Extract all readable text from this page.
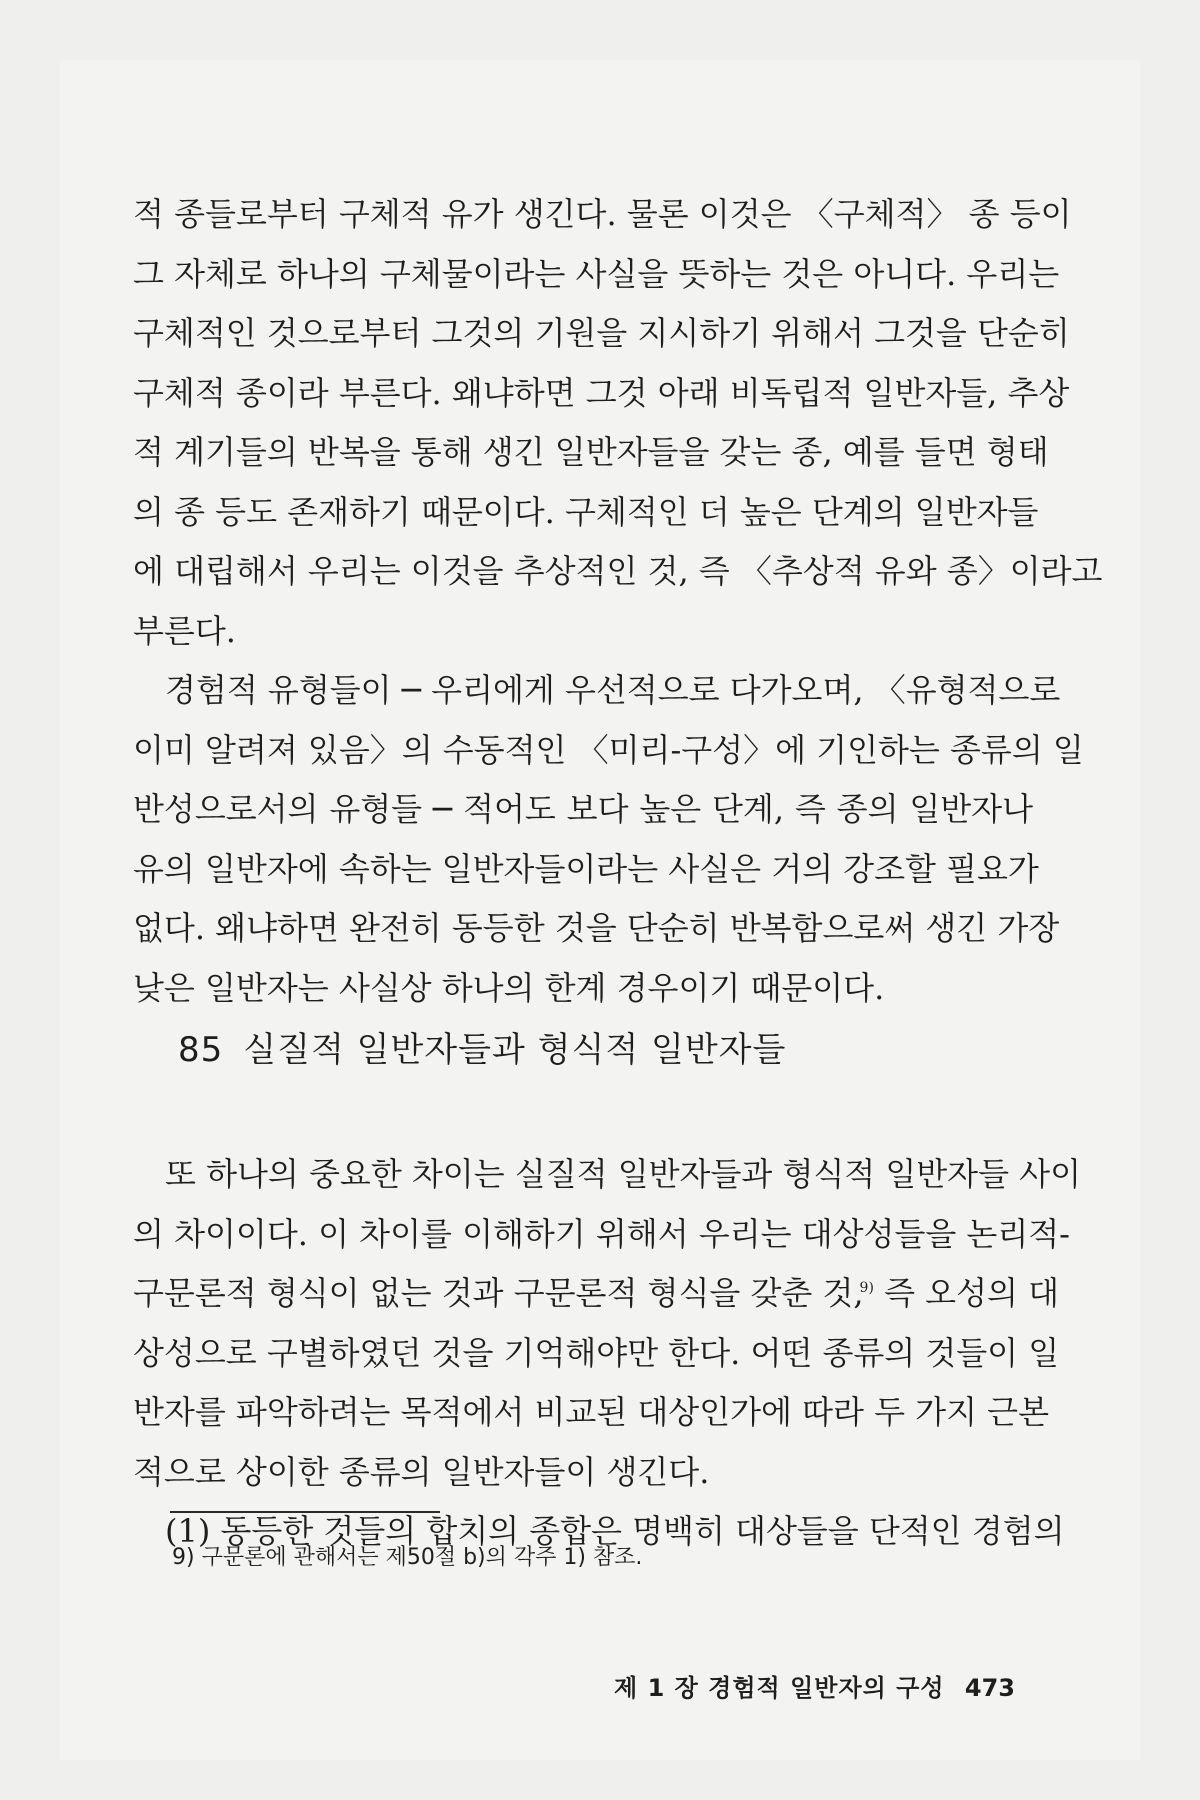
적 종들로부터 구체적 유가 생긴다. 물론 이것은 〈구체적〉 종 등이
그 자체로 하나의 구체물이라는 사실을 뜻하는 것은 아니다. 우리는
구체적인 것으로부터 그것의 기원을 지시하기 위해서 그것을 단순히
구체적 종이라 부른다. 왜냐하면 그것 아래 비독립적 일반자들, 추상
적 계기들의 반복을 통해 생긴 일반자들을 갖는 종, 예를 들면 형태
의 종 등도 존재하기 때문이다. 구체적인 더 높은 단계의 일반자들
에 대립해서 우리는 이것을 추상적인 것, 즉 〈추상적 유와 종〉이라고
부른다.
경험적 유형들이 ─ 우리에게 우선적으로 다가오며, 〈유형적으로
이미 알려져 있음〉의 수동적인 〈미리-구성〉에 기인하는 종류의 일
반성으로서의 유형들 ─ 적어도 보다 높은 단계, 즉 종의 일반자나
유의 일반자에 속하는 일반자들이라는 사실은 거의 강조할 필요가
없다. 왜냐하면 완전히 동등한 것을 단순히 반복함으로써 생긴 가장
낮은 일반자는 사실상 하나의 한계 경우이기 때문이다.
85 실질적 일반자들과 형식적 일반자들
또 하나의 중요한 차이는 실질적 일반자들과 형식적 일반자들 사이
의 차이이다. 이 차이를 이해하기 위해서 우리는 대상성들을 논리적-
구문론적 형식이 없는 것과 구문론적 형식을 갖춘 것,$^{9)}$ 즉 오성의 대
상성으로 구별하였던 것을 기억해야만 한다. 어떤 종류의 것들이 일
반자를 파악하려는 목적에서 비교된 대상인가에 따라 두 가지 근본
적으로 상이한 종류의 일반자들이 생긴다.
(1) 동등한 것들의 합치의 종합은 명백히 대상들을 단적인 경험의

9) 구문론에 관해서는 제50절 b)의 각주 1) 참조.

제 1 장 경험적 일반자의 구성 473
